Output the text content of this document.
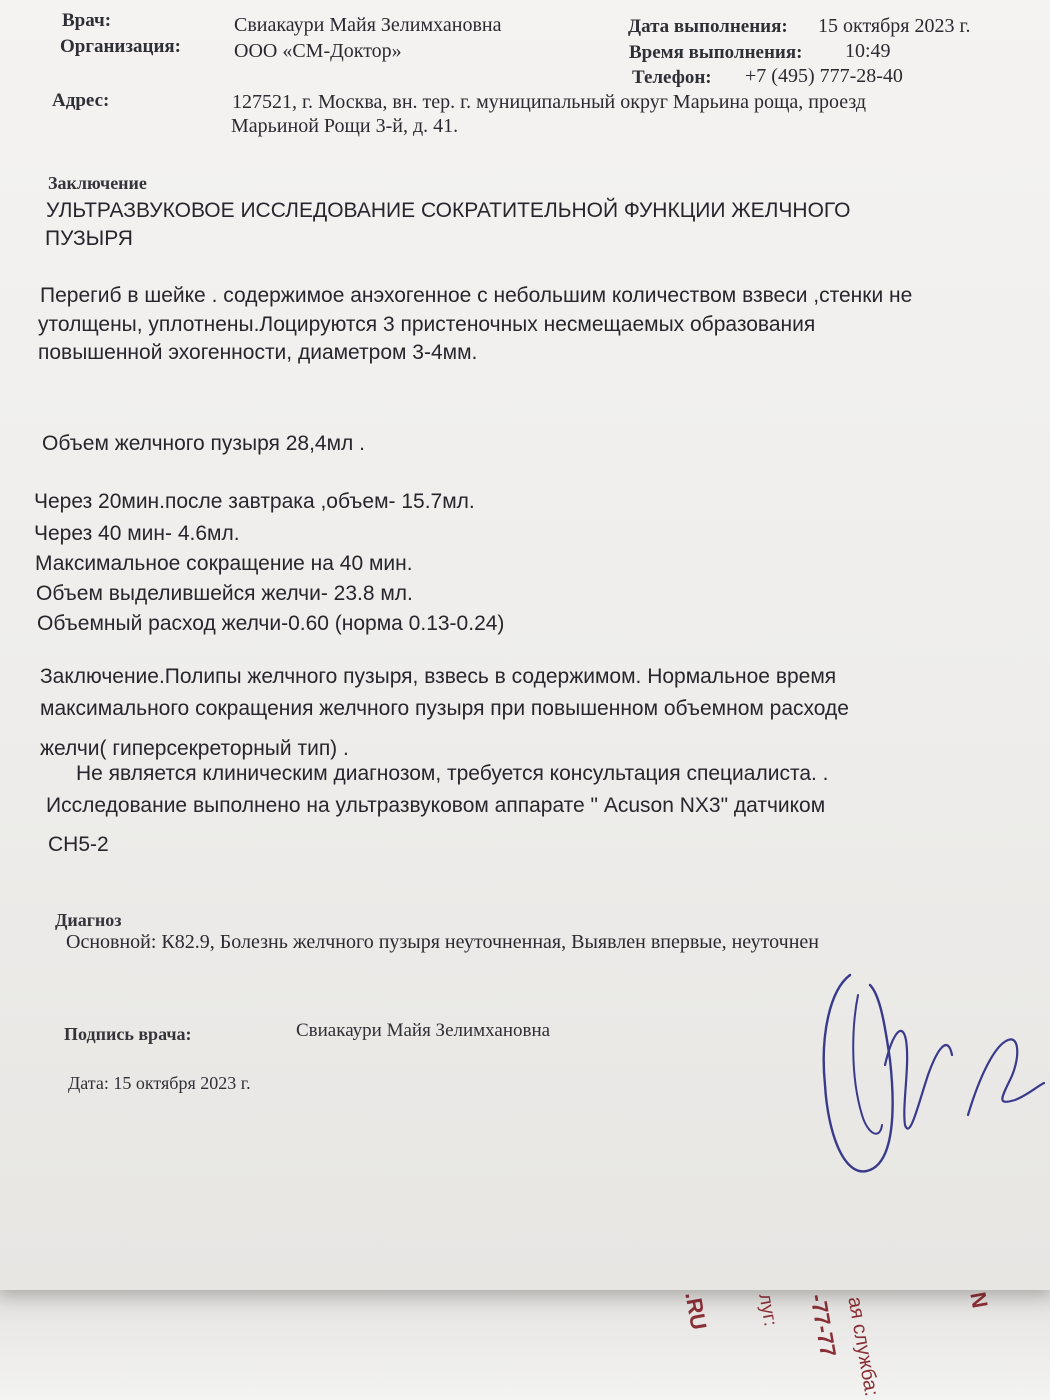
.RU луг: -77-77 ая служба:	N
Врач:	Свиакаури Майя Зелимхановна
Организация:	ООО «СМ-Доктор»
Дата выполнения: 15 октября 2023 г.
Время выполнения: 10:49
Телефон: +7 (495) 777-28-40
Адрес:	127521, г. Москва, вн. тер. г. муниципальный округ Марьина роща, проезд
Марьиной Рощи 3-й, д. 41.
Заключение
УЛЬТРАЗВУКОВОЕ ИССЛЕДОВАНИЕ СОКРАТИТЕЛЬНОЙ ФУНКЦИИ ЖЕЛЧНОГО
ПУЗЫРЯ
Перегиб в шейке . содержимое анэхогенное с небольшим количеством взвеси ,стенки не
утолщены, уплотнены.Лоцируются 3 пристеночных несмещаемых образования
повышенной эхогенности, диаметром 3-4мм.
Объем желчного пузыря 28,4мл .
Через 20мин.после завтрака ,объем- 15.7мл.
Через 40 мин- 4.6мл.
Максимальное сокращение на 40 мин.
Объем выделившейся желчи- 23.8 мл.
Объемный расход желчи-0.60 (норма 0.13-0.24)
Заключение.Полипы желчного пузыря, взвесь в содержимом. Нормальное время
максимального сокращения желчного пузыря при повышенном объемном расходе
желчи( гиперсекреторный тип) .
Не является клиническим диагнозом, требуется консультация специалиста. .
Исследование выполнено на ультразвуковом аппарате " Acuson NX3" датчиком
CH5-2
Диагноз
Основной: К82.9, Болезнь желчного пузыря неуточненная, Выявлен впервые, неуточнен
Подпись врача:	Свиакаури Майя Зелимхановна
Дата: 15 октября 2023 г.
